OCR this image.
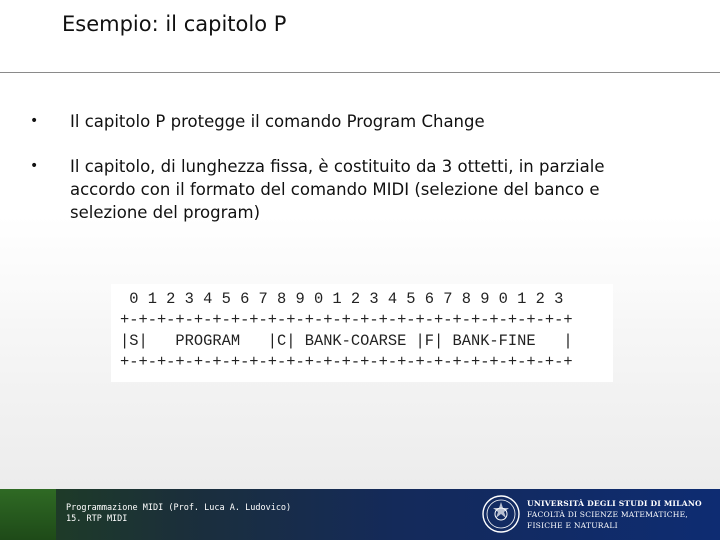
Esempio: il capitolo P
•	Il capitolo P protegge il comando Program Change
•	Il capitolo, di lunghezza fissa, è costituito da 3 ottetti, in parziale accordo con il formato del comando MIDI (selezione del banco e selezione del program)
0 1 2 3 4 5 6 7 8 9 0 1 2 3 4 5 6 7 8 9 0 1 2 3
+-+-+-+-+-+-+-+-+-+-+-+-+-+-+-+-+-+-+-+-+-+-+-+-+
|S|   PROGRAM   |C| BANK-COARSE |F| BANK-FINE   |
+-+-+-+-+-+-+-+-+-+-+-+-+-+-+-+-+-+-+-+-+-+-+-+-+
Programmazione MIDI (Prof. Luca A. Ludovico)
15. RTP MIDI
UNIVERSITÀ DEGLI STUDI DI MILANO
FACOLTÀ DI SCIENZE MATEMATICHE,
FISICHE E NATURALI
